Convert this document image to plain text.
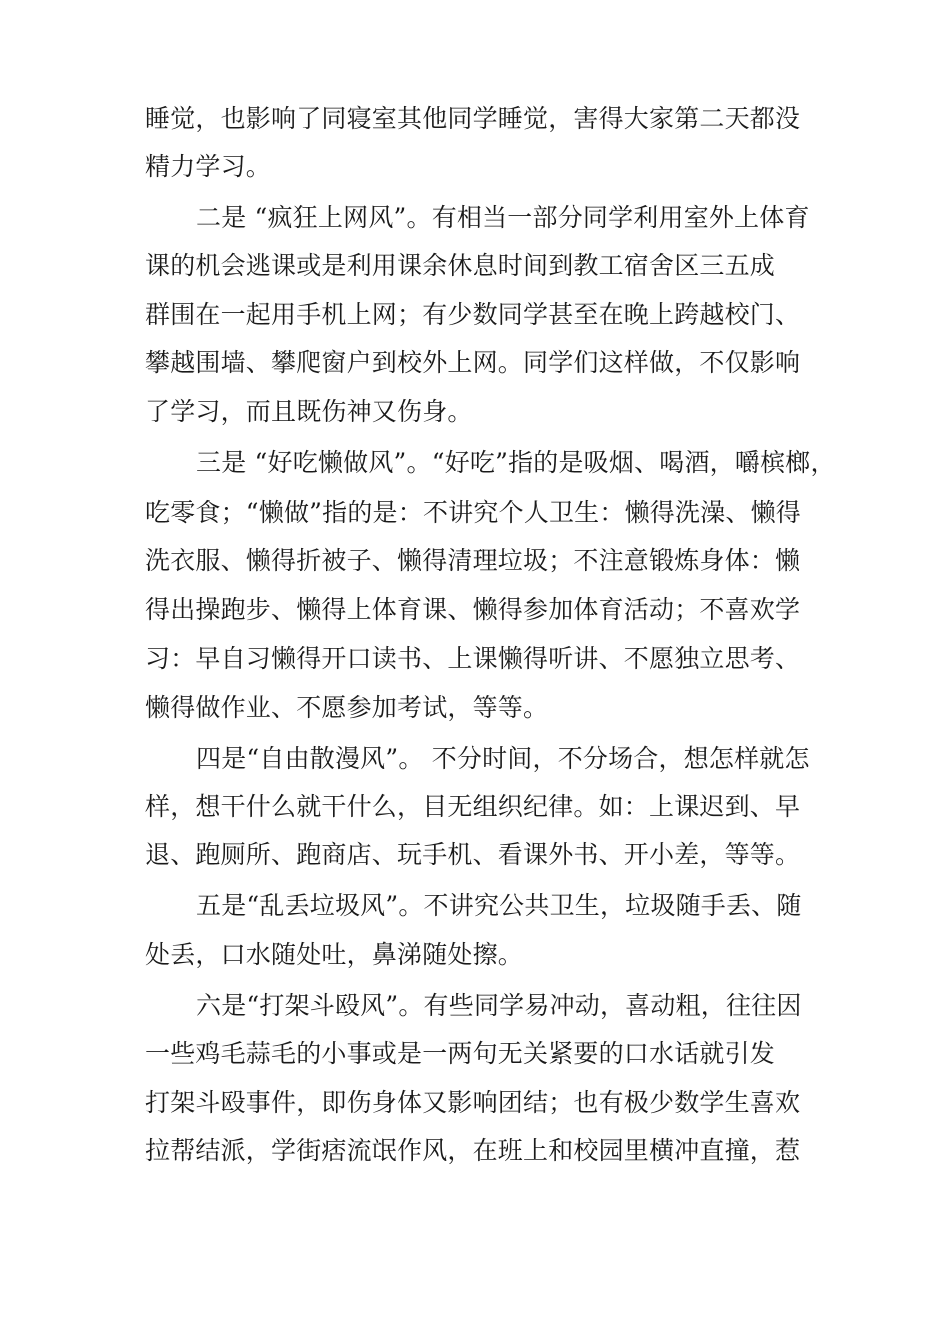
睡觉，也影响了同寝室其他同学睡觉，害得大家第二天都没
精力学习。
二是 “疯狂上网风”。有相当一部分同学利用室外上体育
课的机会逃课或是利用课余休息时间到教工宿舍区三五成
群围在一起用手机上网；有少数同学甚至在晚上跨越校门、
攀越围墙、攀爬窗户到校外上网。同学们这样做，不仅影响
了学习，而且既伤神又伤身。
三是 “好吃懒做风”。“好吃”指的是吸烟、喝酒，嚼槟榔，
吃零食；“懒做”指的是：不讲究个人卫生：懒得洗澡、懒得
洗衣服、懒得折被子、懒得清理垃圾；不注意锻炼身体：懒
得出操跑步、懒得上体育课、懒得参加体育活动；不喜欢学
习：早自习懒得开口读书、上课懒得听讲、不愿独立思考、
懒得做作业、不愿参加考试，等等。
四是“自由散漫风”。 不分时间，不分场合，想怎样就怎
样，想干什么就干什么，目无组织纪律。如：上课迟到、早
退、跑厕所、跑商店、玩手机、看课外书、开小差，等等。
五是“乱丢垃圾风”。不讲究公共卫生，垃圾随手丢、随
处丢，口水随处吐，鼻涕随处擦。
六是“打架斗殴风”。有些同学易冲动，喜动粗，往往因
一些鸡毛蒜毛的小事或是一两句无关紧要的口水话就引发
打架斗殴事件，即伤身体又影响团结；也有极少数学生喜欢
拉帮结派，学街痞流氓作风，在班上和校园里横冲直撞，惹
